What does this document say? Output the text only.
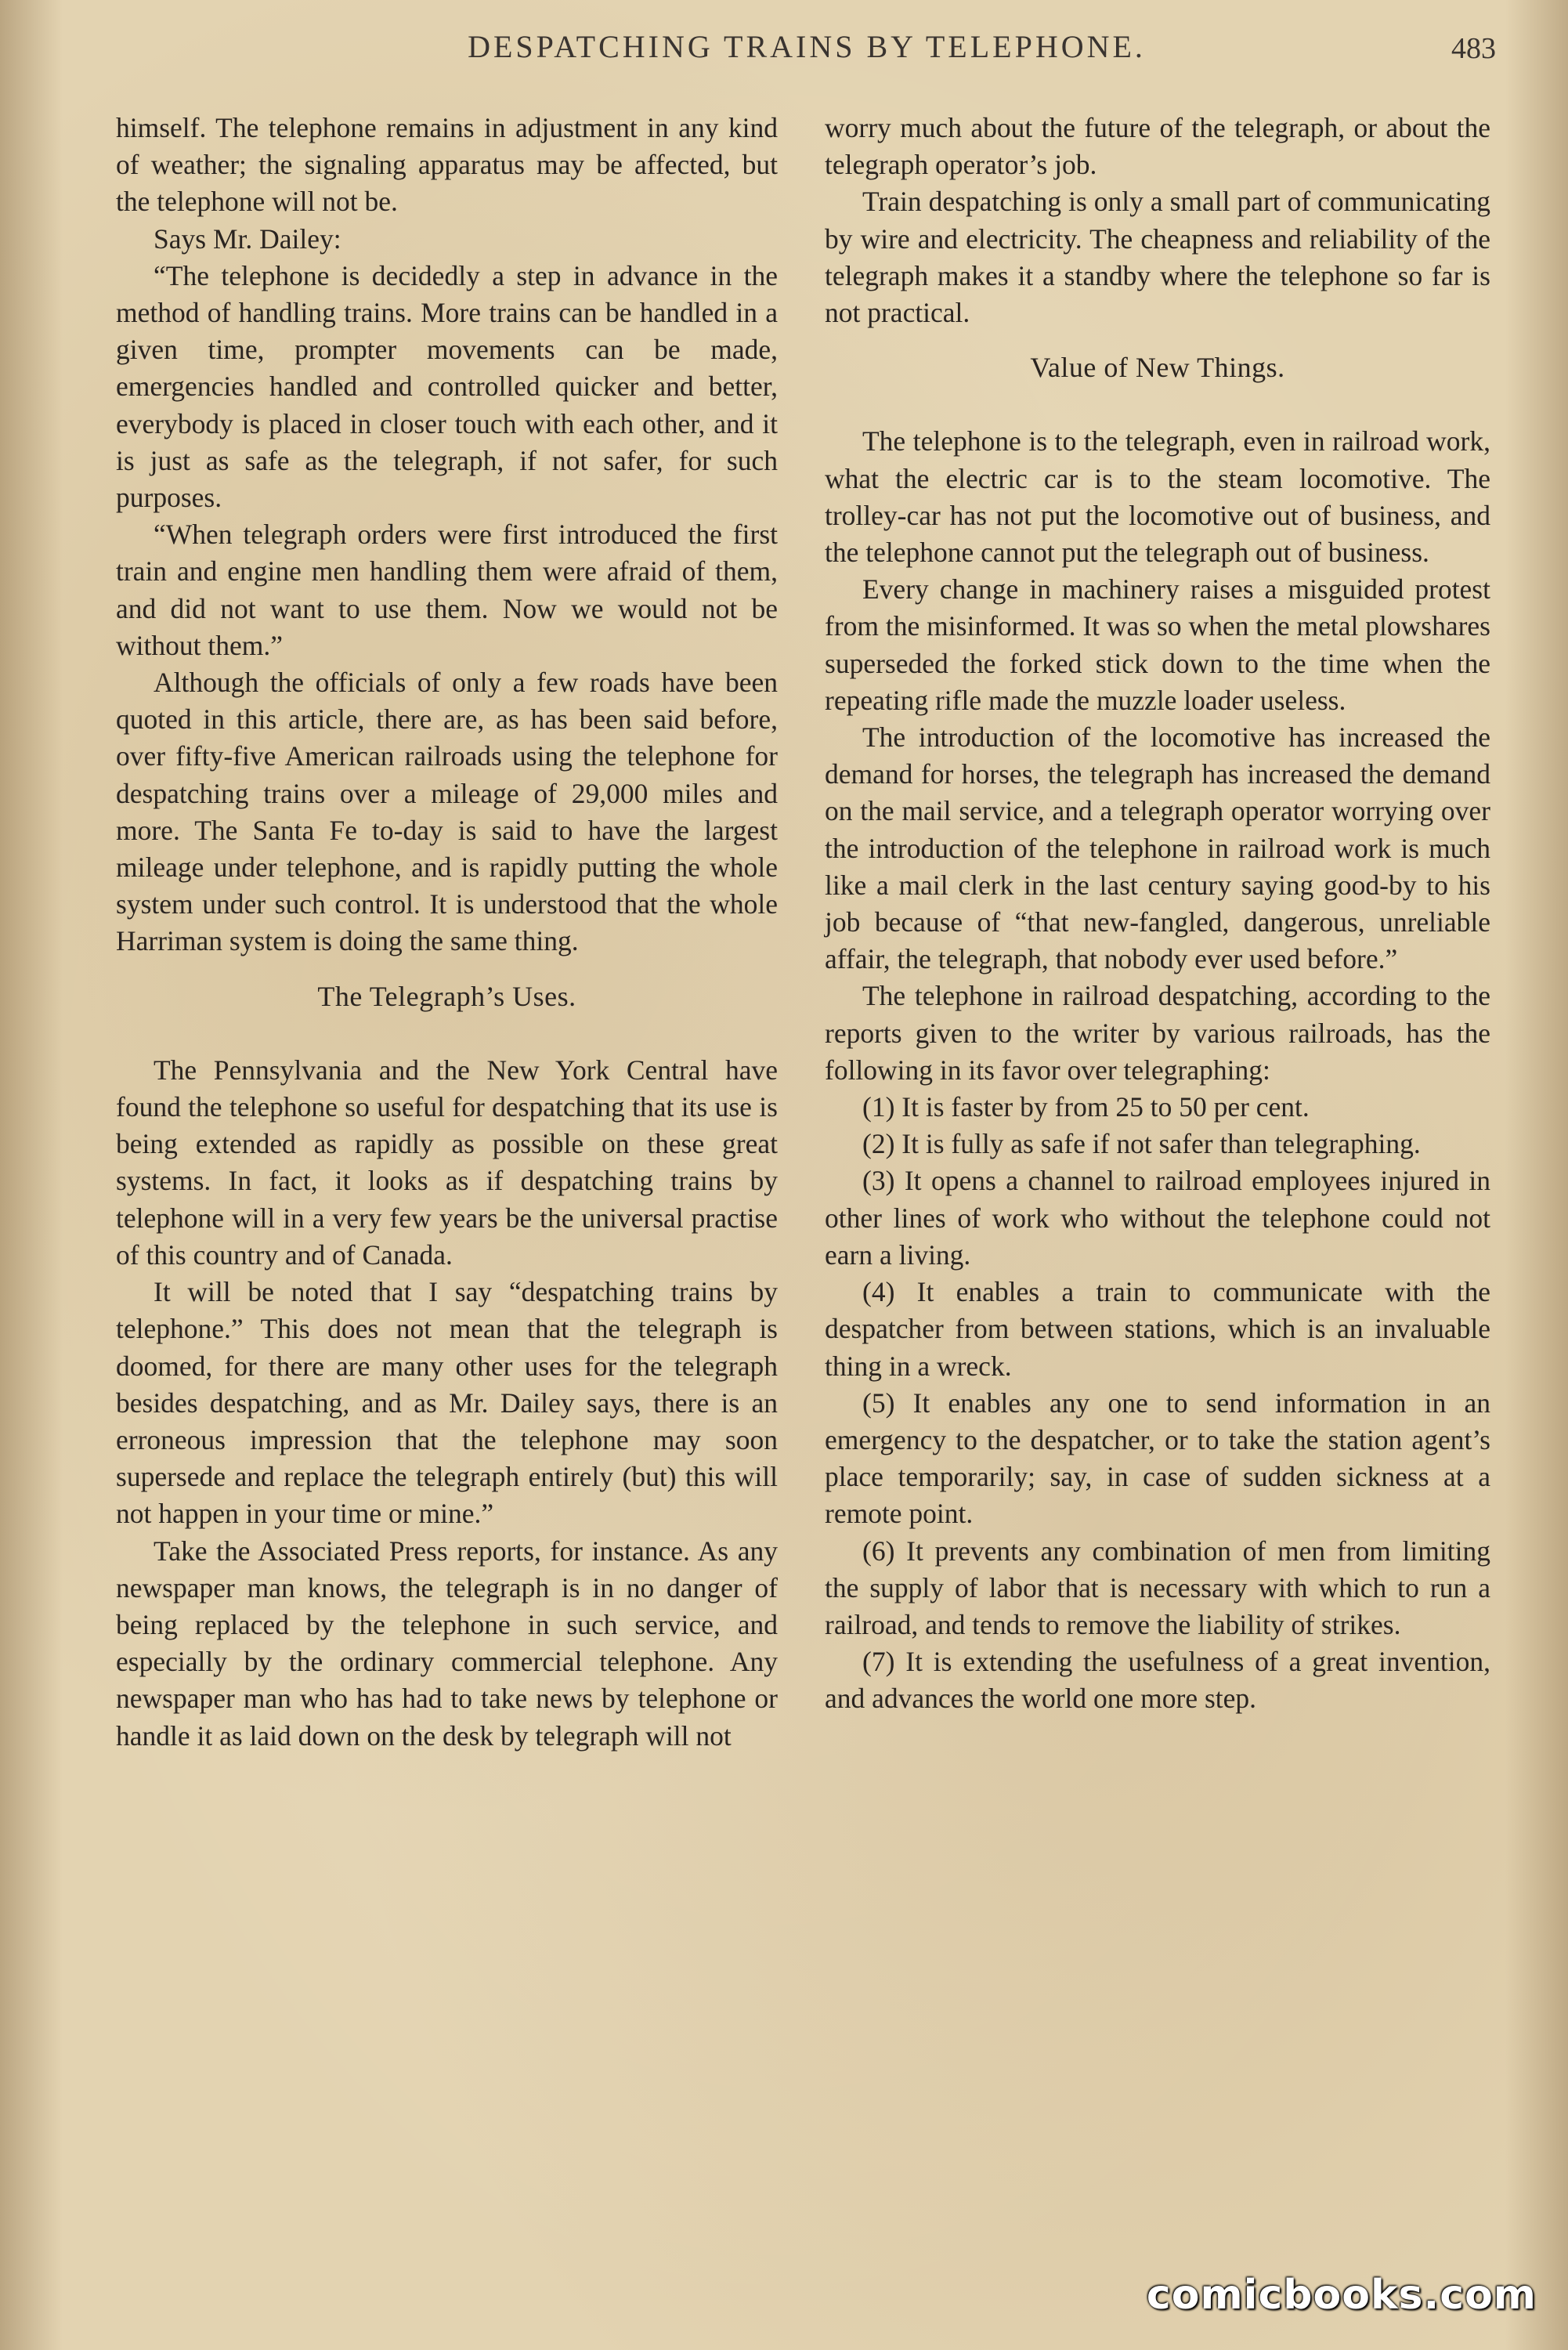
DESPATCHING TRAINS BY TELEPHONE.	483

himself. The telephone remains in adjustment in any kind of weather; the signaling apparatus may be affected, but the telephone will not be.

Says Mr. Dailey:

“The telephone is decidedly a step in advance in the method of handling trains. More trains can be handled in a given time, prompter movements can be made, emergencies handled and controlled quicker and better, everybody is placed in closer touch with each other, and it is just as safe as the telegraph, if not safer, for such purposes.

“When telegraph orders were first introduced the first train and engine men handling them were afraid of them, and did not want to use them. Now we would not be without them.”

Although the officials of only a few roads have been quoted in this article, there are, as has been said before, over fifty-five American railroads using the telephone for despatching trains over a mileage of 29,000 miles and more. The Santa Fe to-day is said to have the largest mileage under telephone, and is rapidly putting the whole system under such control. It is understood that the whole Harriman system is doing the same thing.

The Telegraph’s Uses.

The Pennsylvania and the New York Central have found the telephone so useful for despatching that its use is being extended as rapidly as possible on these great systems. In fact, it looks as if despatching trains by telephone will in a very few years be the universal practise of this country and of Canada.

It will be noted that I say “despatching trains by telephone.” This does not mean that the telegraph is doomed, for there are many other uses for the telegraph besides despatching, and as Mr. Dailey says, there is an erroneous impression that the telephone may soon supersede and replace the telegraph entirely (but) this will not happen in your time or mine.”

Take the Associated Press reports, for instance. As any newspaper man knows, the telegraph is in no danger of being replaced by the telephone in such service, and especially by the ordinary commercial telephone. Any newspaper man who has had to take news by telephone or handle it as laid down on the desk by telegraph will not

worry much about the future of the telegraph, or about the telegraph operator’s job.

Train despatching is only a small part of communicating by wire and electricity. The cheapness and reliability of the telegraph makes it a standby where the telephone so far is not practical.

Value of New Things.

The telephone is to the telegraph, even in railroad work, what the electric car is to the steam locomotive. The trolley-car has not put the locomotive out of business, and the telephone cannot put the telegraph out of business.

Every change in machinery raises a misguided protest from the misinformed. It was so when the metal plowshares superseded the forked stick down to the time when the repeating rifle made the muzzle loader useless.

The introduction of the locomotive has increased the demand for horses, the telegraph has increased the demand on the mail service, and a telegraph operator worrying over the introduction of the telephone in railroad work is much like a mail clerk in the last century saying good-by to his job because of “that new-fangled, dangerous, unreliable affair, the telegraph, that nobody ever used before.”

The telephone in railroad despatching, according to the reports given to the writer by various railroads, has the following in its favor over telegraphing:

(1) It is faster by from 25 to 50 per cent.

(2) It is fully as safe if not safer than telegraphing.

(3) It opens a channel to railroad employees injured in other lines of work who without the telephone could not earn a living.

(4) It enables a train to communicate with the despatcher from between stations, which is an invaluable thing in a wreck.

(5) It enables any one to send information in an emergency to the despatcher, or to take the station agent’s place temporarily; say, in case of sudden sickness at a remote point.

(6) It prevents any combination of men from limiting the supply of labor that is necessary with which to run a railroad, and tends to remove the liability of strikes.

(7) It is extending the usefulness of a great invention, and advances the world one more step.

comicbooks.com
